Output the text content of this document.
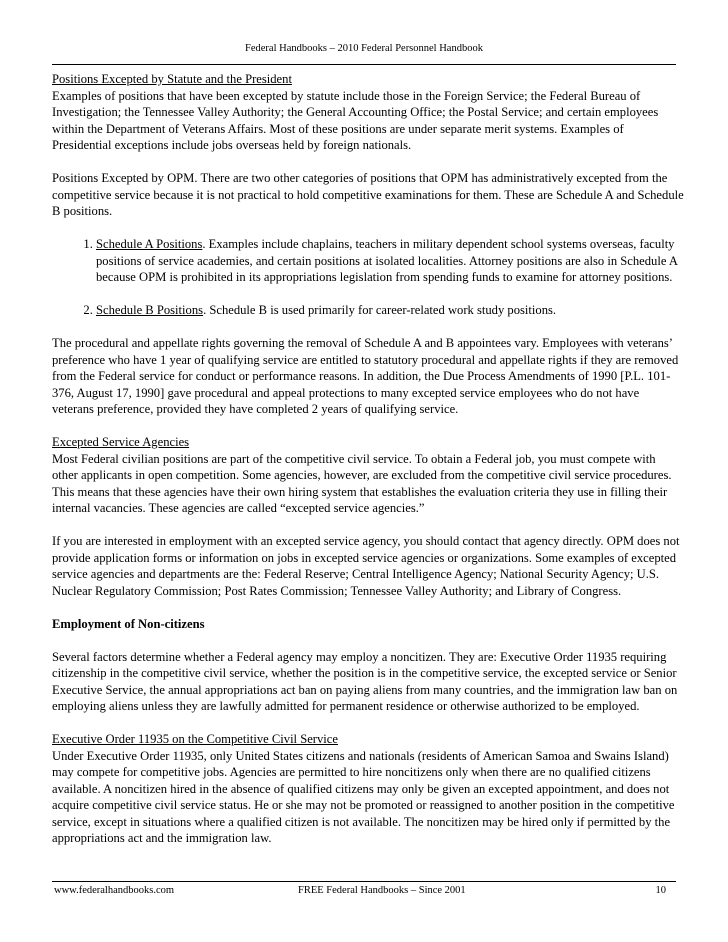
Federal Handbooks – 2010 Federal Personnel Handbook

Positions Excepted by Statute and the President
Examples of positions that have been excepted by statute include those in the Foreign Service; the Federal Bureau of Investigation; the Tennessee Valley Authority; the General Accounting Office; the Postal Service; and certain employees within the Department of Veterans Affairs. Most of these positions are under separate merit systems. Examples of Presidential exceptions include jobs overseas held by foreign nationals.

Positions Excepted by OPM. There are two other categories of positions that OPM has administratively excepted from the competitive service because it is not practical to hold competitive examinations for them. These are Schedule A and Schedule B positions.

1. Schedule A Positions. Examples include chaplains, teachers in military dependent school systems overseas, faculty positions of service academies, and certain positions at isolated localities. Attorney positions are also in Schedule A because OPM is prohibited in its appropriations legislation from spending funds to examine for attorney positions.
2. Schedule B Positions. Schedule B is used primarily for career-related work study positions.

The procedural and appellate rights governing the removal of Schedule A and B appointees vary. Employees with veterans’ preference who have 1 year of qualifying service are entitled to statutory procedural and appellate rights if they are removed from the Federal service for conduct or performance reasons. In addition, the Due Process Amendments of 1990 [P.L. 101-376, August 17, 1990] gave procedural and appeal protections to many excepted service employees who do not have veterans preference, provided they have completed 2 years of qualifying service.

Excepted Service Agencies
Most Federal civilian positions are part of the competitive civil service. To obtain a Federal job, you must compete with other applicants in open competition. Some agencies, however, are excluded from the competitive civil service procedures. This means that these agencies have their own hiring system that establishes the evaluation criteria they use in filling their internal vacancies. These agencies are called “excepted service agencies.”

If you are interested in employment with an excepted service agency, you should contact that agency directly. OPM does not provide application forms or information on jobs in excepted service agencies or organizations. Some examples of excepted service agencies and departments are the: Federal Reserve; Central Intelligence Agency; National Security Agency; U.S. Nuclear Regulatory Commission; Post Rates Commission; Tennessee Valley Authority; and Library of Congress.

Employment of Non-citizens

Several factors determine whether a Federal agency may employ a noncitizen. They are: Executive Order 11935 requiring citizenship in the competitive civil service, whether the position is in the competitive service, the excepted service or Senior Executive Service, the annual appropriations act ban on paying aliens from many countries, and the immigration law ban on employing aliens unless they are lawfully admitted for permanent residence or otherwise authorized to be employed.

Executive Order 11935 on the Competitive Civil Service
Under Executive Order 11935, only United States citizens and nationals (residents of American Samoa and Swains Island) may compete for competitive jobs. Agencies are permitted to hire noncitizens only when there are no qualified citizens available. A noncitizen hired in the absence of qualified citizens may only be given an excepted appointment, and does not acquire competitive civil service status. He or she may not be promoted or reassigned to another position in the competitive service, except in situations where a qualified citizen is not available. The noncitizen may be hired only if permitted by the appropriations act and the immigration law.

www.federalhandbooks.com	FREE Federal Handbooks – Since 2001	10
